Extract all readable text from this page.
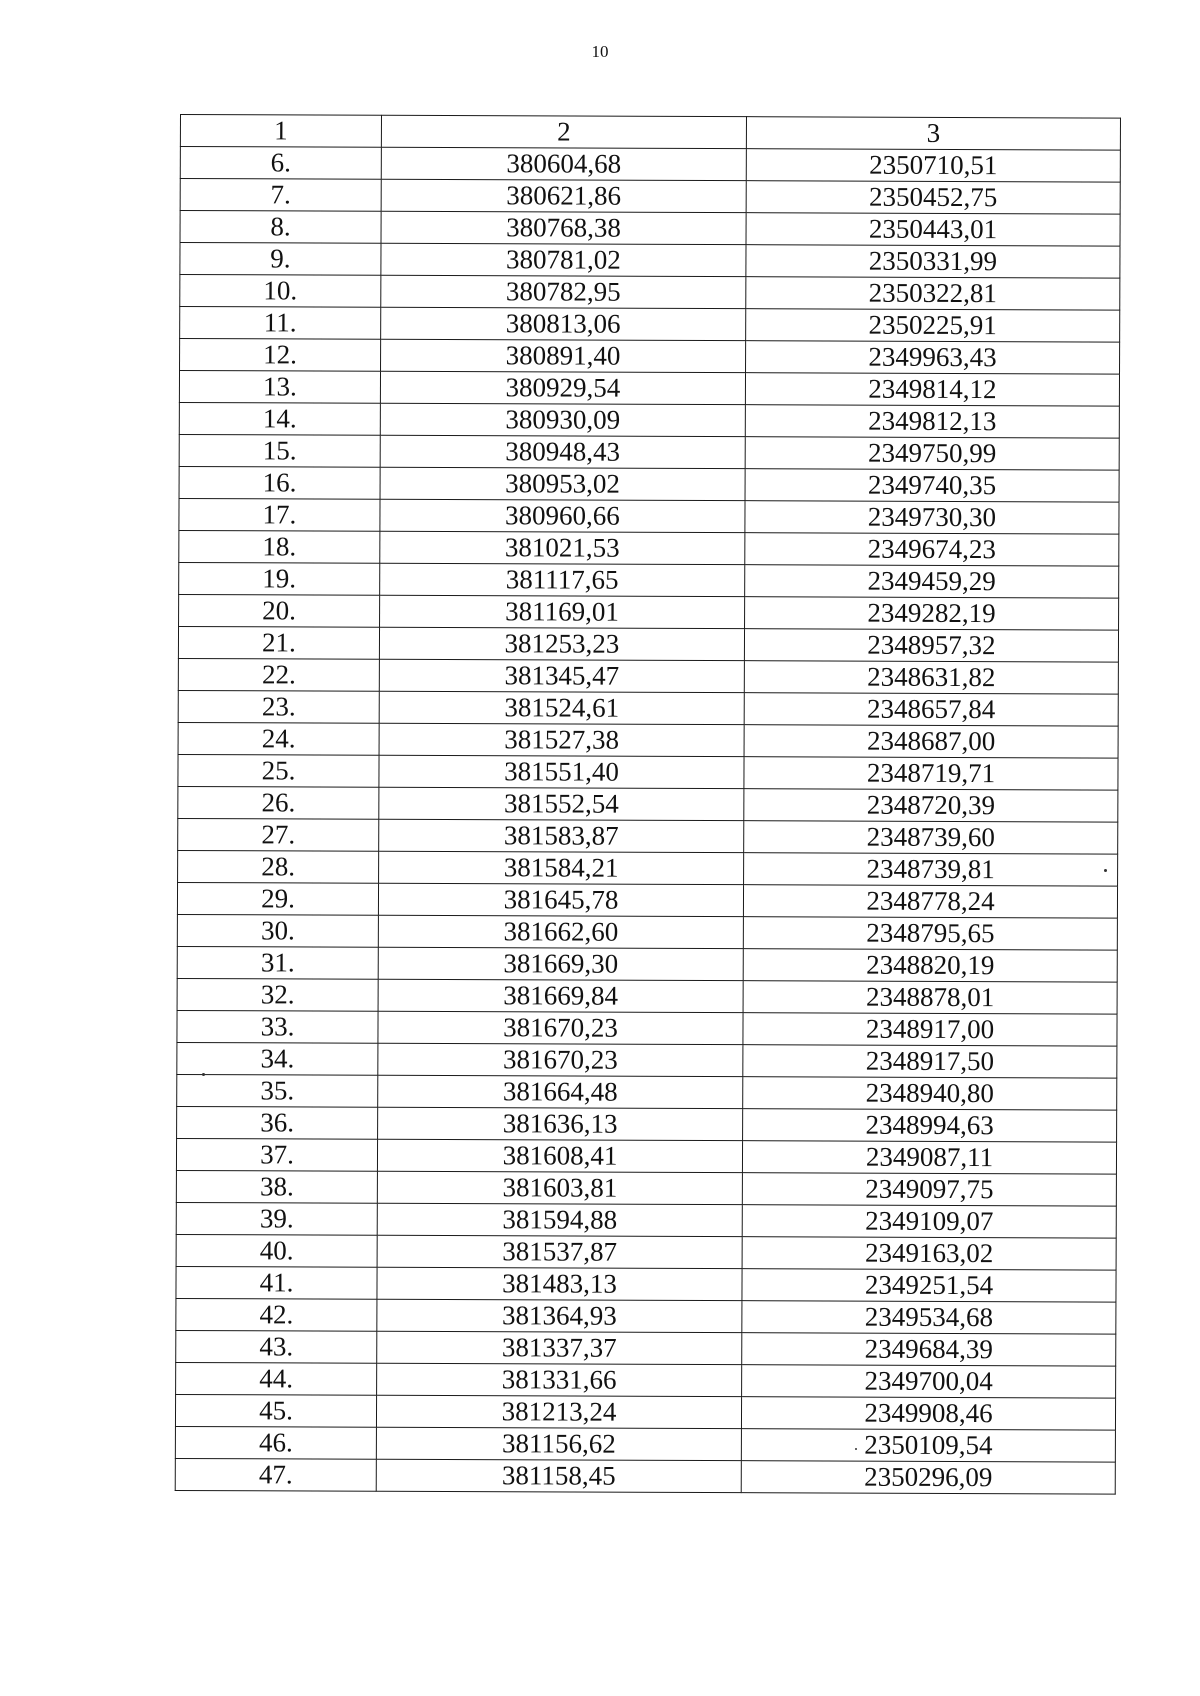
10
1	2	3
6.	380604,68	2350710,51
7.	380621,86	2350452,75
8.	380768,38	2350443,01
9.	380781,02	2350331,99
10.	380782,95	2350322,81
11.	380813,06	2350225,91
12.	380891,40	2349963,43
13.	380929,54	2349814,12
14.	380930,09	2349812,13
15.	380948,43	2349750,99
16.	380953,02	2349740,35
17.	380960,66	2349730,30
18.	381021,53	2349674,23
19.	381117,65	2349459,29
20.	381169,01	2349282,19
21.	381253,23	2348957,32
22.	381345,47	2348631,82
23.	381524,61	2348657,84
24.	381527,38	2348687,00
25.	381551,40	2348719,71
26.	381552,54	2348720,39
27.	381583,87	2348739,60
28.	381584,21	2348739,81
29.	381645,78	2348778,24
30.	381662,60	2348795,65
31.	381669,30	2348820,19
32.	381669,84	2348878,01
33.	381670,23	2348917,00
34.	381670,23	2348917,50
35.	381664,48	2348940,80
36.	381636,13	2348994,63
37.	381608,41	2349087,11
38.	381603,81	2349097,75
39.	381594,88	2349109,07
40.	381537,87	2349163,02
41.	381483,13	2349251,54
42.	381364,93	2349534,68
43.	381337,37	2349684,39
44.	381331,66	2349700,04
45.	381213,24	2349908,46
46.	381156,62	2350109,54
47.	381158,45	2350296,09
